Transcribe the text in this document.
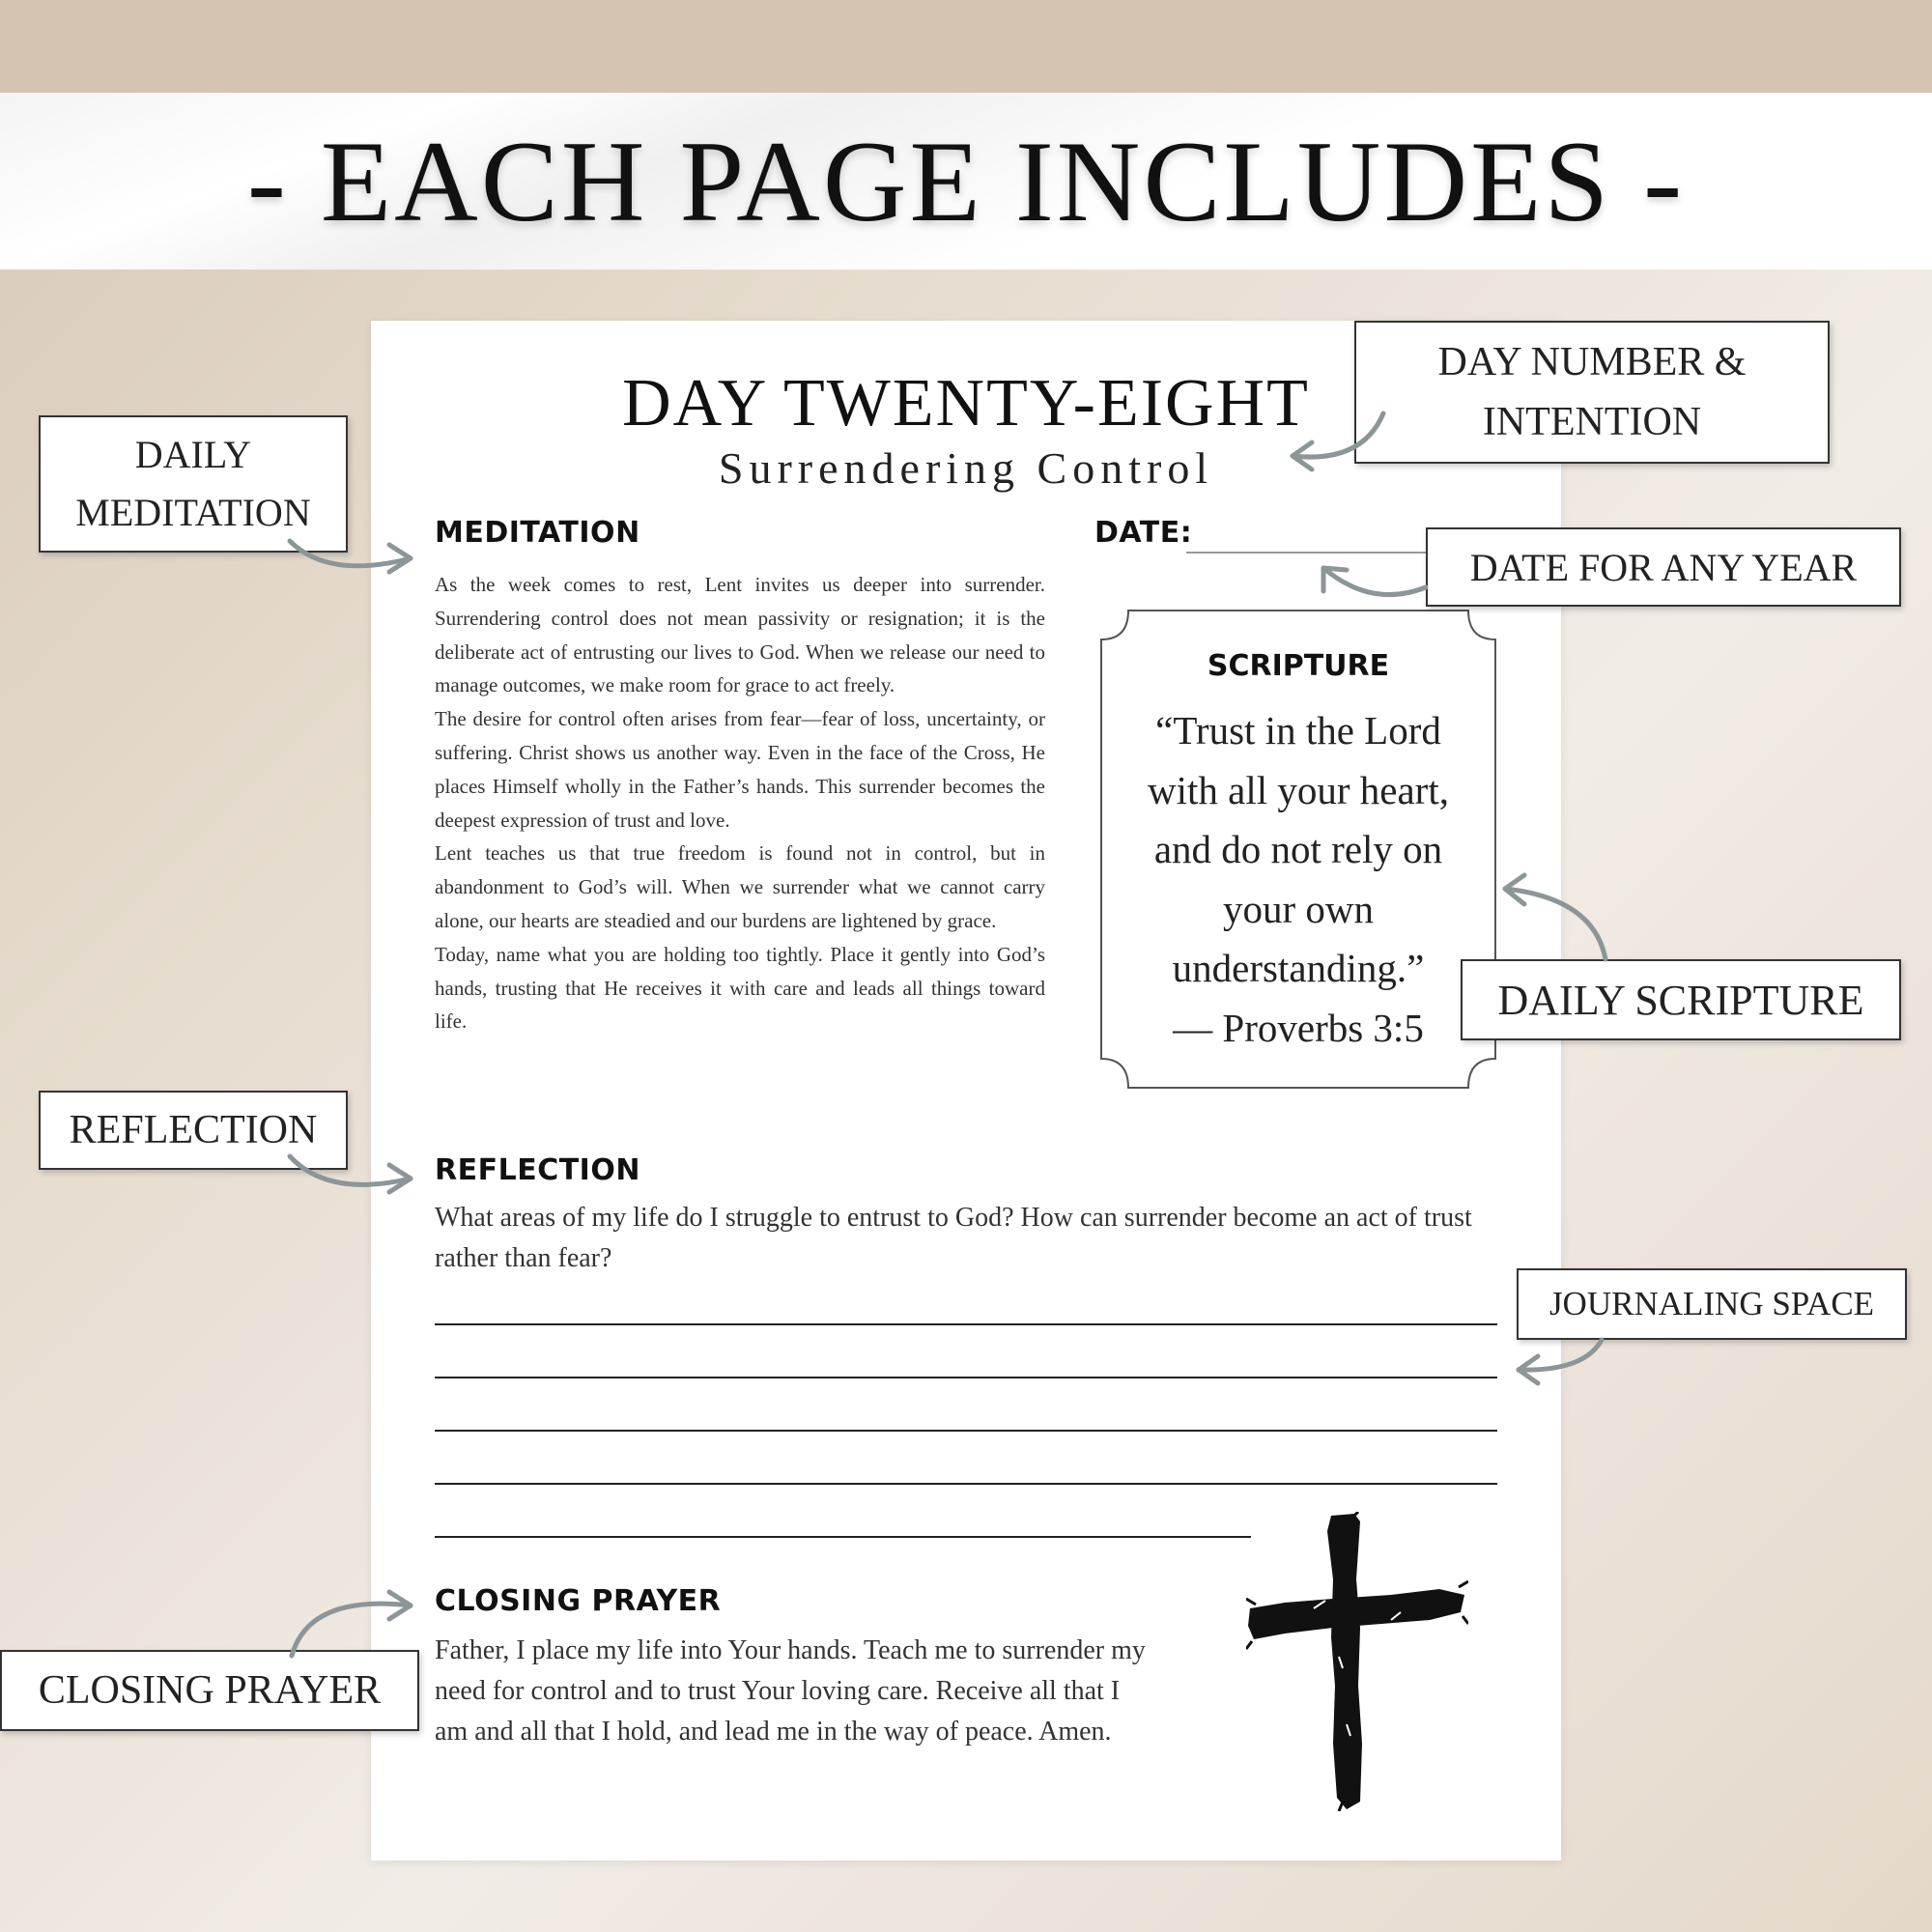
- EACH PAGE INCLUDES -
DAY TWENTY-EIGHT
Surrendering Control
MEDITATION	DATE:

As the week comes to rest, Lent invites us deeper into surrender. Surrendering control does not mean passivity or resignation; it is the deliberate act of entrusting our lives to God. When we release our need to manage outcomes, we make room for grace to act freely.

The desire for control often arises from fear—fear of loss, uncertainty, or suffering. Christ shows us another way. Even in the face of the Cross, He places Himself wholly in the Father’s hands. This surrender becomes the deepest expression of trust and love.

Lent teaches us that true freedom is found not in control, but in abandonment to God’s will. When we surrender what we cannot carry alone, our hearts are steadied and our burdens are lightened by grace.

Today, name what you are holding too tightly. Place it gently into God’s hands, trusting that He receives it with care and leads all things toward life.

SCRIPTURE
“Trust in the Lord
with all your heart,
and do not rely on
your own
understanding.”
— Proverbs 3:5
REFLECTION
What areas of my life do I struggle to entrust to God? How can surrender become an act of trust rather than fear?
CLOSING PRAYER
Father, I place my life into Your hands. Teach me to surrender my need for control and to trust Your loving care. Receive all that I am and all that I hold, and lead me in the way of peace. Amen.
DAILY
MEDITATION
DAY NUMBER &
INTENTION
DATE FOR ANY YEAR
DAILY SCRIPTURE
REFLECTION
JOURNALING SPACE
CLOSING PRAYER
